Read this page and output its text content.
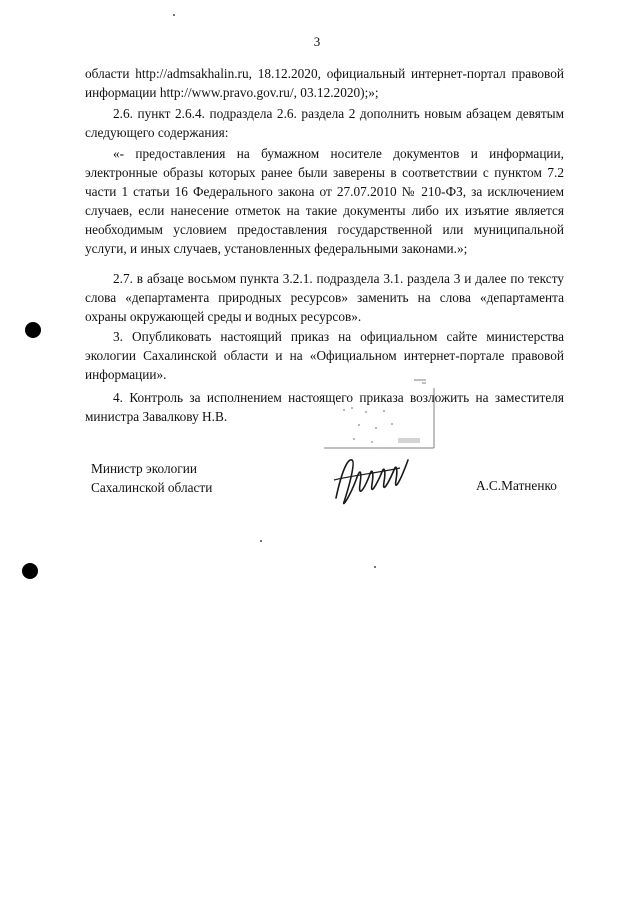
3
области http://admsakhalin.ru, 18.12.2020, официальный интернет-портал правовой информации http://www.pravo.gov.ru/, 03.12.2020);»;
2.6. пункт 2.6.4. подраздела 2.6. раздела 2 дополнить новым абзацем девятым следующего содержания:
«- предоставления на бумажном носителе документов и информации, электронные образы которых ранее были заверены в соответствии с пунктом 7.2 части 1 статьи 16 Федерального закона от 27.07.2010 № 210-ФЗ, за исключением случаев, если нанесение отметок на такие документы либо их изъятие является необходимым условием предоставления государственной или муниципальной услуги, и иных случаев, установленных федеральными законами.»;
2.7. в абзаце восьмом пункта 3.2.1. подраздела 3.1. раздела 3 и далее по тексту слова «департамента природных ресурсов» заменить на слова «департамента охраны окружающей среды и водных ресурсов».
3. Опубликовать настоящий приказ на официальном сайте министерства экологии Сахалинской области и на «Официальном интернет-портале правовой информации».
4. Контроль за исполнением настоящего приказа возложить на заместителя министра Завалкову Н.В.
Министр экологии
Сахалинской области	А.С.Матненко
